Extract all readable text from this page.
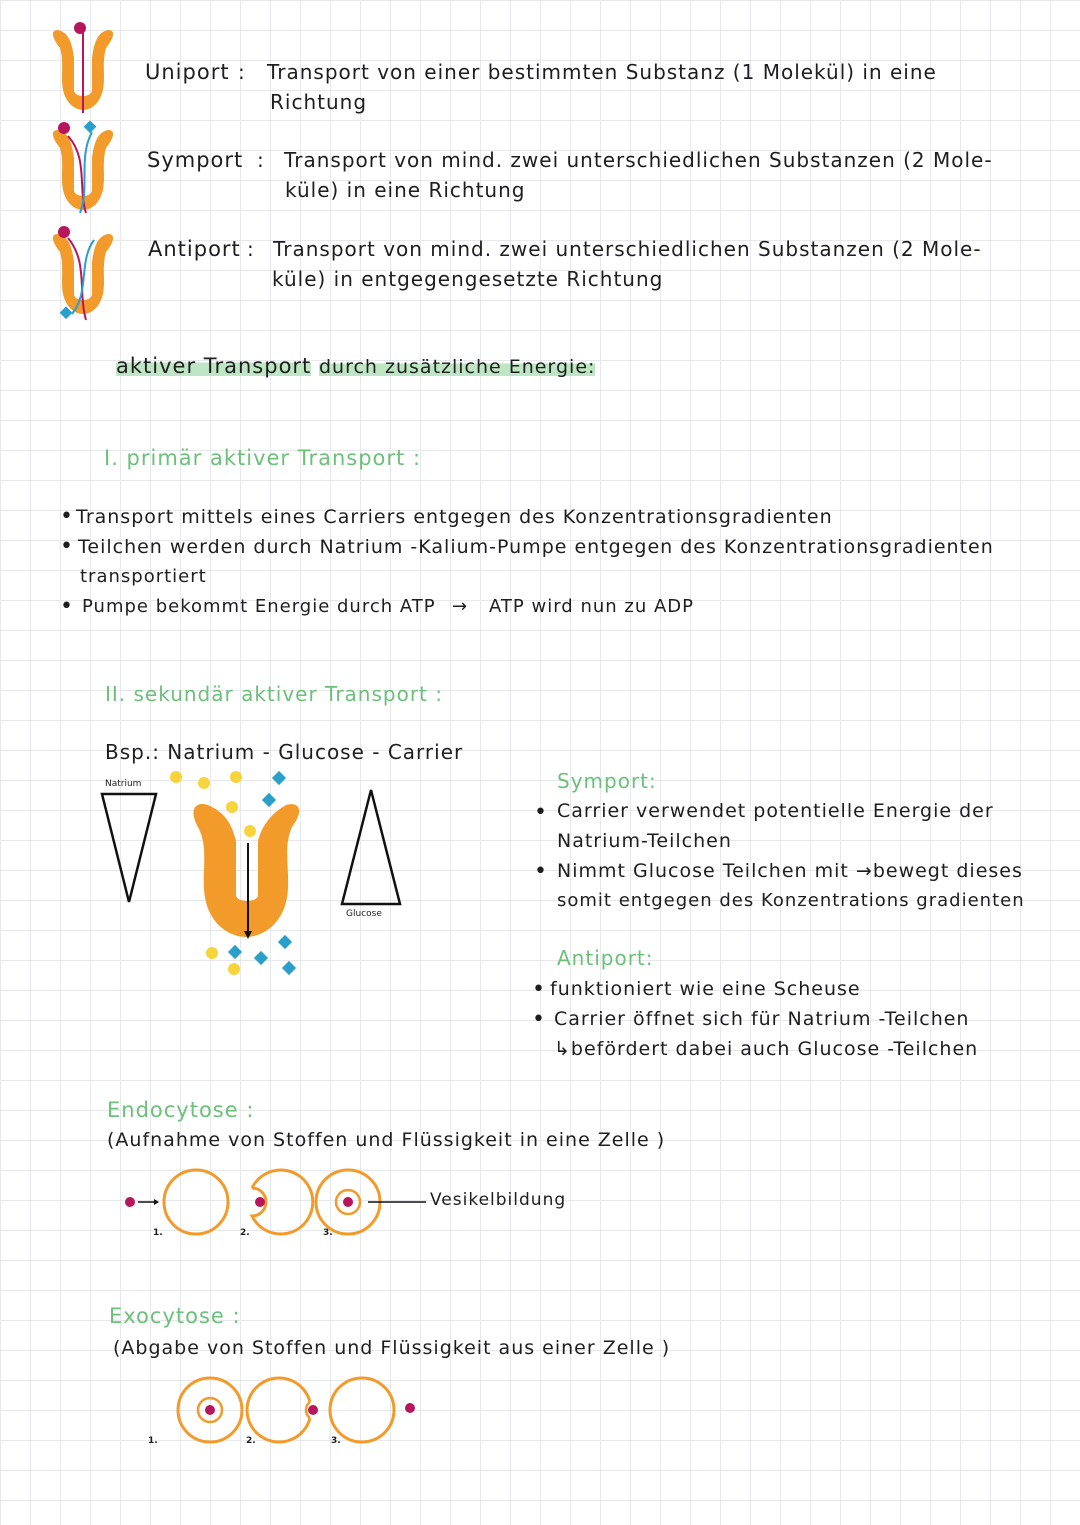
Uniport : Transport von einer bestimmten Substanz (1 Molekül) in eine
Richtung
Symport : Transport von mind. zwei unterschiedlichen Substanzen (2 Mole-
küle) in eine Richtung
Antiport : Transport von mind. zwei unterschiedlichen Substanzen (2 Mole-
küle) in entgegengesetzte Richtung
aktiver Transport durch zusätzliche Energie:
I. primär aktiver Transport :
• Transport mittels eines Carriers entgegen des Konzentrationsgradienten
• Teilchen werden durch Natrium -Kalium-Pumpe entgegen des Konzentrationsgradienten
transportiert
• Pumpe bekommt Energie durch ATP → ATP wird nun zu ADP
II. sekundär aktiver Transport :
Bsp.: Natrium - Glucose - Carrier
Natrium
Glucose
Symport:
• Carrier verwendet potentielle Energie der
Natrium-Teilchen
• Nimmt Glucose Teilchen mit →bewegt dieses
somit entgegen des Konzentrations gradienten
Antiport:
• funktioniert wie eine Scheuse
• Carrier öffnet sich für Natrium -Teilchen
↳befördert dabei auch Glucose -Teilchen
Endocytose :
(Aufnahme von Stoffen und Flüssigkeit in eine Zelle )
Vesikelbildung
1.	2.	3.
Exocytose :
(Abgabe von Stoffen und Flüssigkeit aus einer Zelle )
1.	2.	3.
